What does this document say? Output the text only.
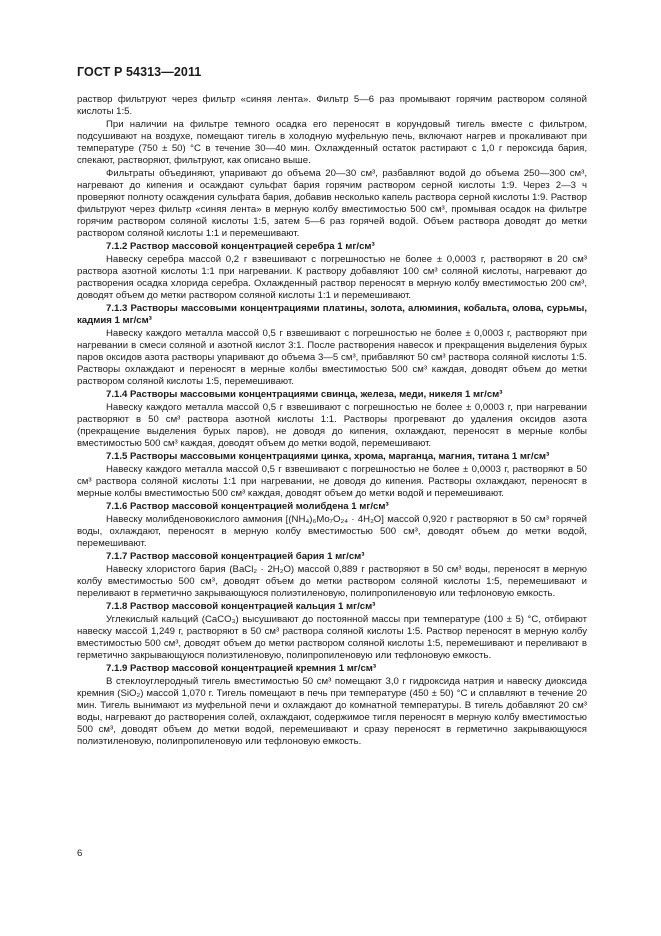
ГОСТ Р 54313—2011

раствор фильтруют через фильтр «синяя лента». Фильтр 5—6 раз промывают горячим раствором соляной кислоты 1:5.

При наличии на фильтре темного осадка его переносят в корундовый тигель вместе с фильтром, подсушивают на воздухе, помещают тигель в холодную муфельную печь, включают нагрев и прокаливают при температуре (750 ± 50) °С в течение 30—40 мин. Охлажденный остаток растирают с 1,0 г пероксида бария, спекают, растворяют, фильтруют, как описано выше.

Фильтраты объединяют, упаривают до объема 20—30 см³, разбавляют водой до объема 250—300 см³, нагревают до кипения и осаждают сульфат бария горячим раствором серной кислоты 1:9. Через 2—3 ч проверяют полноту осаждения сульфата бария, добавив несколько капель раствора серной кислоты 1:9. Раствор фильтруют через фильтр «синяя лента» в мерную колбу вместимостью 500 см³, промывая осадок на фильтре горячим раствором соляной кислоты 1:5, затем 5—6 раз горячей водой. Объем раствора доводят до метки раствором соляной кислоты 1:1 и перемешивают.

7.1.2 Раствор массовой концентрацией серебра 1 мг/см³

Навеску серебра массой 0,2 г взвешивают с погрешностью не более ± 0,0003 г, растворяют в 20 см³ раствора азотной кислоты 1:1 при нагревании. К раствору добавляют 100 см³ соляной кислоты, нагревают до растворения осадка хлорида серебра. Охлажденный раствор переносят в мерную колбу вместимостью 200 см³, доводят объем до метки раствором соляной кислоты 1:1 и перемешивают.

7.1.3 Растворы массовыми концентрациями платины, золота, алюминия, кобальта, олова, сурьмы, кадмия 1 мг/см³

Навеску каждого металла массой 0,5 г взвешивают с погрешностью не более ± 0,0003 г, растворяют при нагревании в смеси соляной и азотной кислот 3:1. После растворения навесок и прекращения выделения бурых паров оксидов азота растворы упаривают до объема 3—5 см³, прибавляют 50 см³ раствора соляной кислоты 1:5. Растворы охлаждают и переносят в мерные колбы вместимостью 500 см³ каждая, доводят объем до метки раствором соляной кислоты 1:5, перемешивают.

7.1.4 Растворы массовыми концентрациями свинца, железа, меди, никеля 1 мг/см³

Навеску каждого металла массой 0,5 г взвешивают с погрешностью не более ± 0,0003 г, при нагревании растворяют в 50 см³ раствора азотной кислоты 1:1. Растворы прогревают до удаления оксидов азота (прекращение выделения бурых паров), не доводя до кипения, охлаждают, переносят в мерные колбы вместимостью 500 см³ каждая, доводят объем до метки водой, перемешивают.

7.1.5 Растворы массовыми концентрациями цинка, хрома, марганца, магния, титана 1 мг/см³

Навеску каждого металла массой 0,5 г взвешивают с погрешностью не более ± 0,0003 г, растворяют в 50 см³ раствора соляной кислоты 1:1 при нагревании, не доводя до кипения. Растворы охлаждают, переносят в мерные колбы вместимостью 500 см³ каждая, доводят объем до метки водой и перемешивают.

7.1.6 Раствор массовой концентрацией молибдена 1 мг/см³

Навеску молибденовокислого аммония [(NH₄)₆Mo₇O₂₄ · 4H₂O] массой 0,920 г растворяют в 50 см³ горячей воды, охлаждают, переносят в мерную колбу вместимостью 500 см³, доводят объем до метки водой, перемешивают.

7.1.7 Раствор массовой концентрацией бария 1 мг/см³

Навеску хлористого бария (BaCl₂ · 2H₂O) массой 0,889 г растворяют в 50 см³ воды, переносят в мерную колбу вместимостью 500 см³, доводят объем до метки раствором соляной кислоты 1:5, перемешивают и переливают в герметично закрывающуюся полиэтиленовую, полипропиленовую или тефлоновую емкость.

7.1.8 Раствор массовой концентрацией кальция 1 мг/см³

Углекислый кальций (CaCO₃) высушивают до постоянной массы при температуре (100 ± 5) °С, отбирают навеску массой 1,249 г, растворяют в 50 см³ раствора соляной кислоты 1:5. Раствор переносят в мерную колбу вместимостью 500 см³, доводят объем до метки раствором соляной кислоты 1:5, перемешивают и переливают в герметично закрывающуюся полиэтиленовую, полипропиленовую или тефлоновую емкость.

7.1.9 Раствор массовой концентрацией кремния 1 мг/см³

В стеклоуглеродный тигель вместимостью 50 см³ помещают 3,0 г гидроксида натрия и навеску диоксида кремния (SiO₂) массой 1,070 г. Тигель помещают в печь при температуре (450 ± 50) °С и сплавляют в течение 20 мин. Тигель вынимают из муфельной печи и охлаждают до комнатной температуры. В тигель добавляют 20 см³ воды, нагревают до растворения солей, охлаждают, содержимое тигля переносят в мерную колбу вместимостью 500 см³, доводят объем до метки водой, перемешивают и сразу переносят в герметично закрывающуюся полиэтиленовую, полипропиленовую или тефлоновую емкость.

6
